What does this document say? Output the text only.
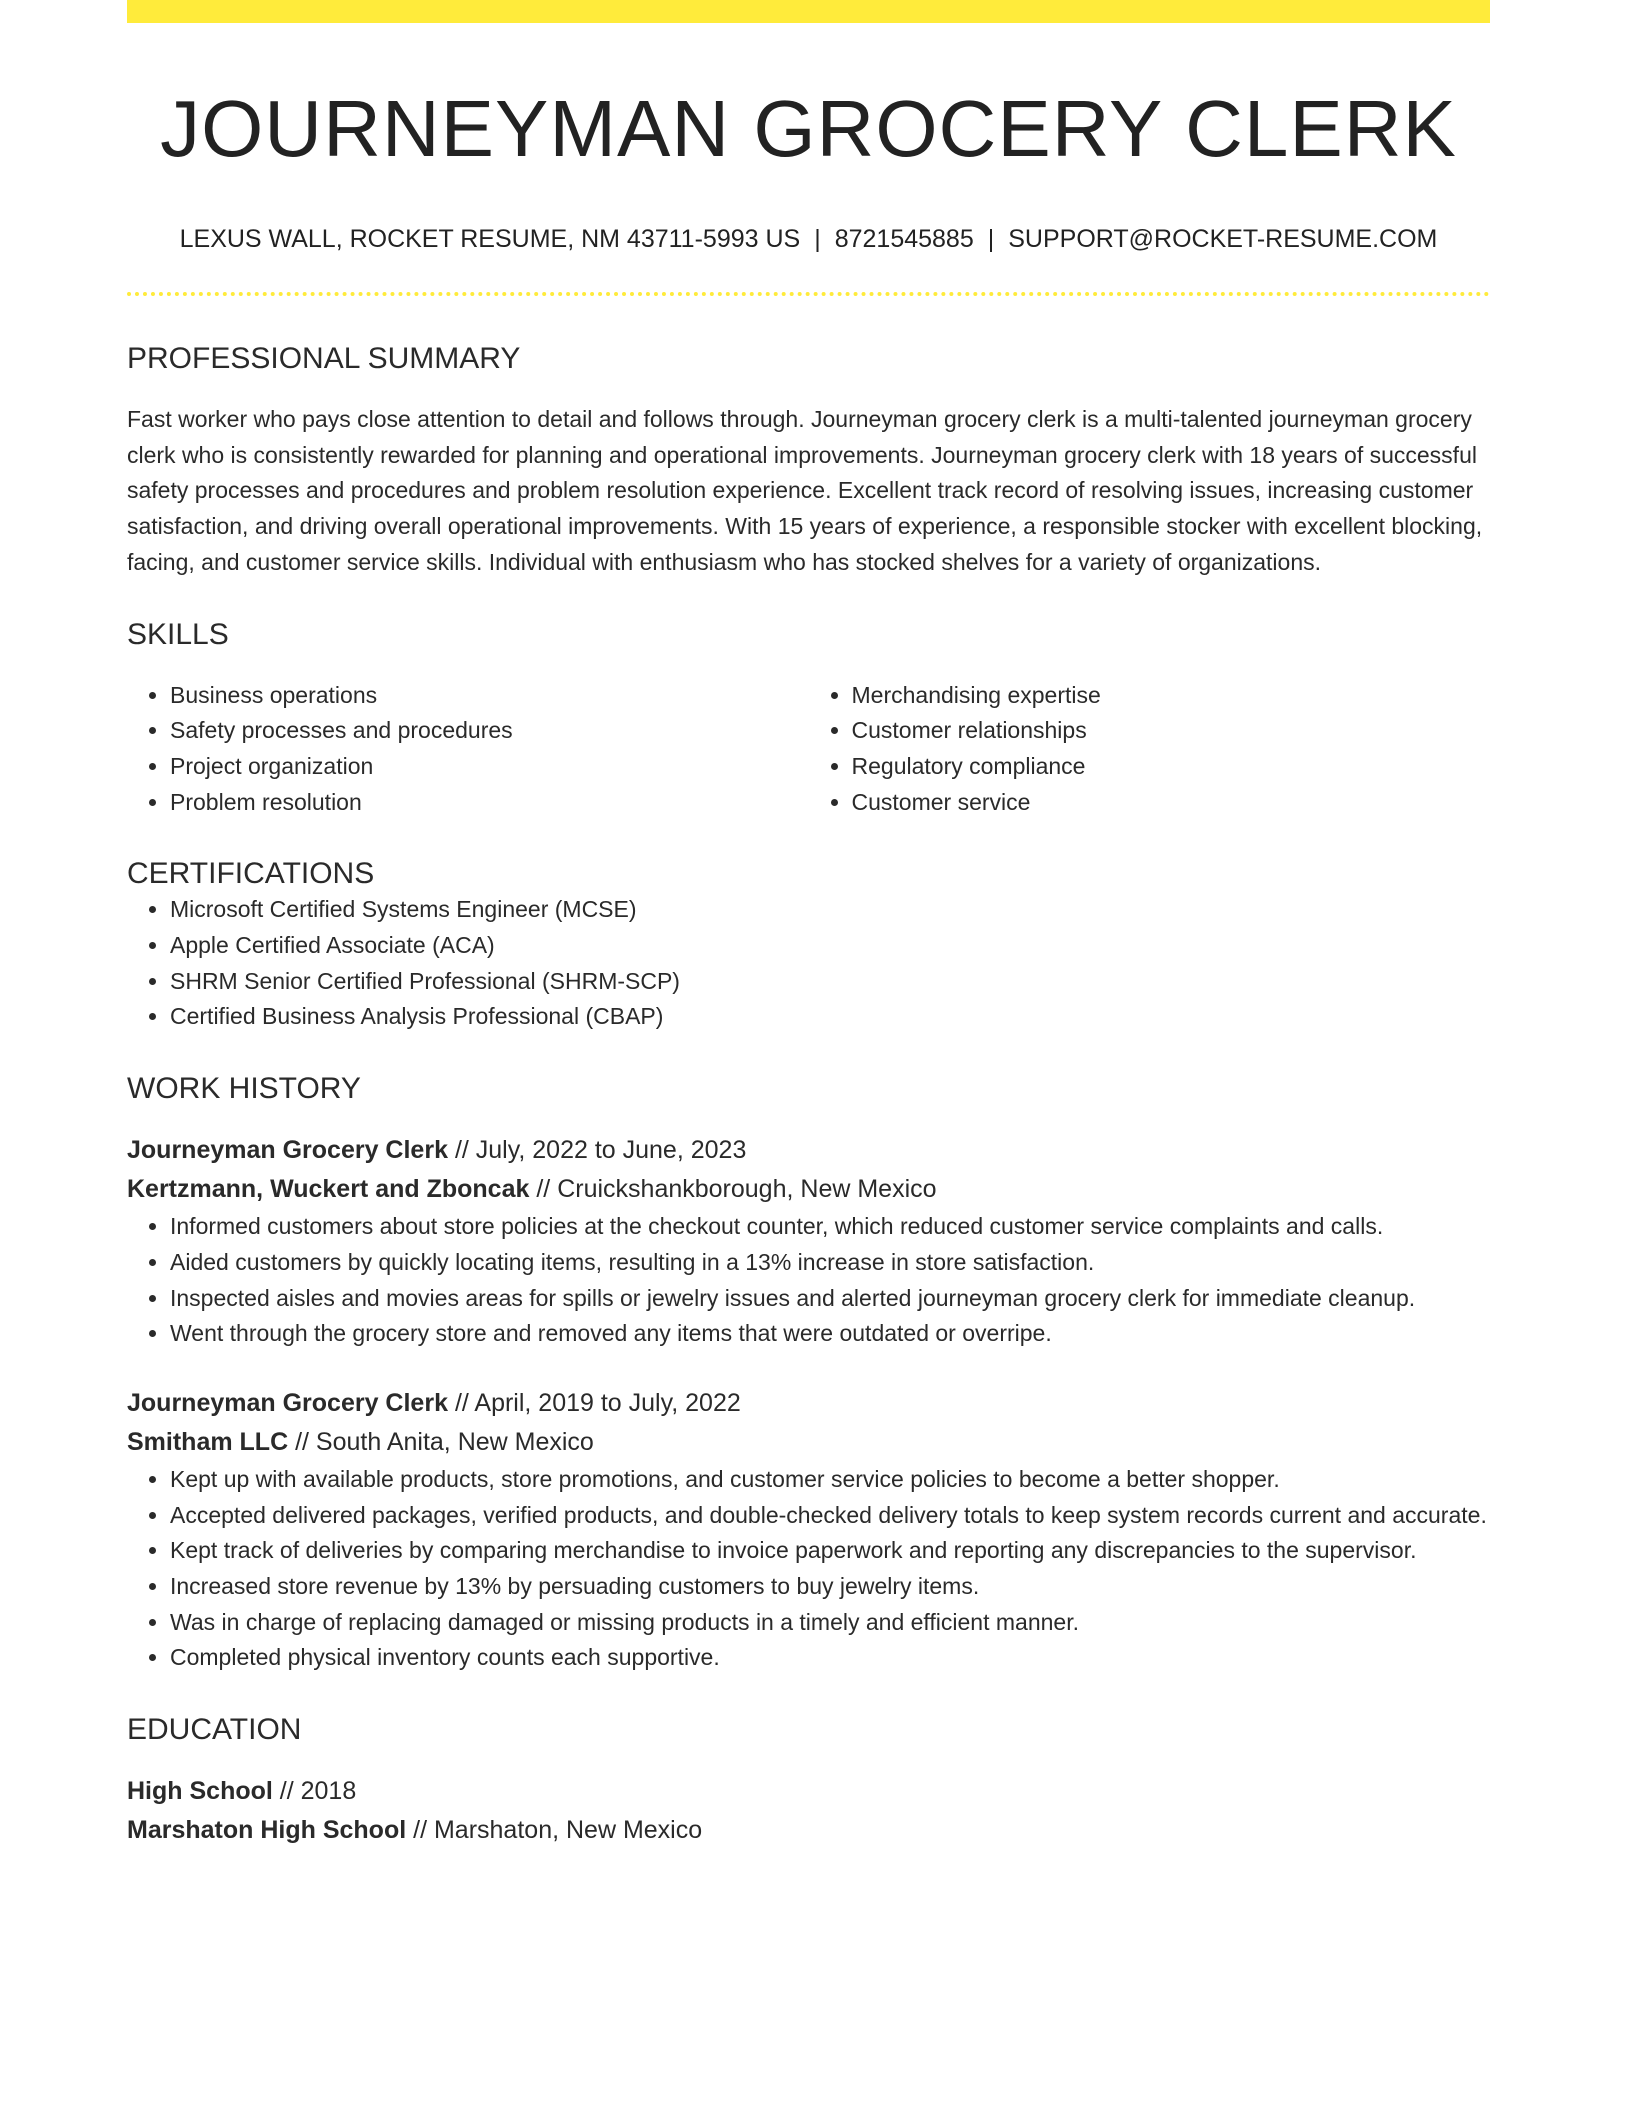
JOURNEYMAN GROCERY CLERK
LEXUS WALL, ROCKET RESUME, NM 43711-5993 US | 8721545885 | SUPPORT@ROCKET-RESUME.COM
PROFESSIONAL SUMMARY

Fast worker who pays close attention to detail and follows through. Journeyman grocery clerk is a multi-talented journeyman grocery clerk who is consistently rewarded for planning and operational improvements. Journeyman grocery clerk with 18 years of successful safety processes and procedures and problem resolution experience. Excellent track record of resolving issues, increasing customer satisfaction, and driving overall operational improvements. With 15 years of experience, a responsible stocker with excellent blocking, facing, and customer service skills. Individual with enthusiasm who has stocked shelves for a variety of organizations.

SKILLS
• Business operations
• Safety processes and procedures
• Project organization
• Problem resolution
• Merchandising expertise
• Customer relationships
• Regulatory compliance
• Customer service
CERTIFICATIONS
• Microsoft Certified Systems Engineer (MCSE)
• Apple Certified Associate (ACA)
• SHRM Senior Certified Professional (SHRM-SCP)
• Certified Business Analysis Professional (CBAP)
WORK HISTORY
Journeyman Grocery Clerk // July, 2022 to June, 2023
Kertzmann, Wuckert and Zboncak // Cruickshankborough, New Mexico
• Informed customers about store policies at the checkout counter, which reduced customer service complaints and calls.
• Aided customers by quickly locating items, resulting in a 13% increase in store satisfaction.
• Inspected aisles and movies areas for spills or jewelry issues and alerted journeyman grocery clerk for immediate cleanup.
• Went through the grocery store and removed any items that were outdated or overripe.
Journeyman Grocery Clerk // April, 2019 to July, 2022
Smitham LLC // South Anita, New Mexico
• Kept up with available products, store promotions, and customer service policies to become a better shopper.
• Accepted delivered packages, verified products, and double-checked delivery totals to keep system records current and accurate.
• Kept track of deliveries by comparing merchandise to invoice paperwork and reporting any discrepancies to the supervisor.
• Increased store revenue by 13% by persuading customers to buy jewelry items.
• Was in charge of replacing damaged or missing products in a timely and efficient manner.
• Completed physical inventory counts each supportive.
EDUCATION
High School // 2018
Marshaton High School // Marshaton, New Mexico
